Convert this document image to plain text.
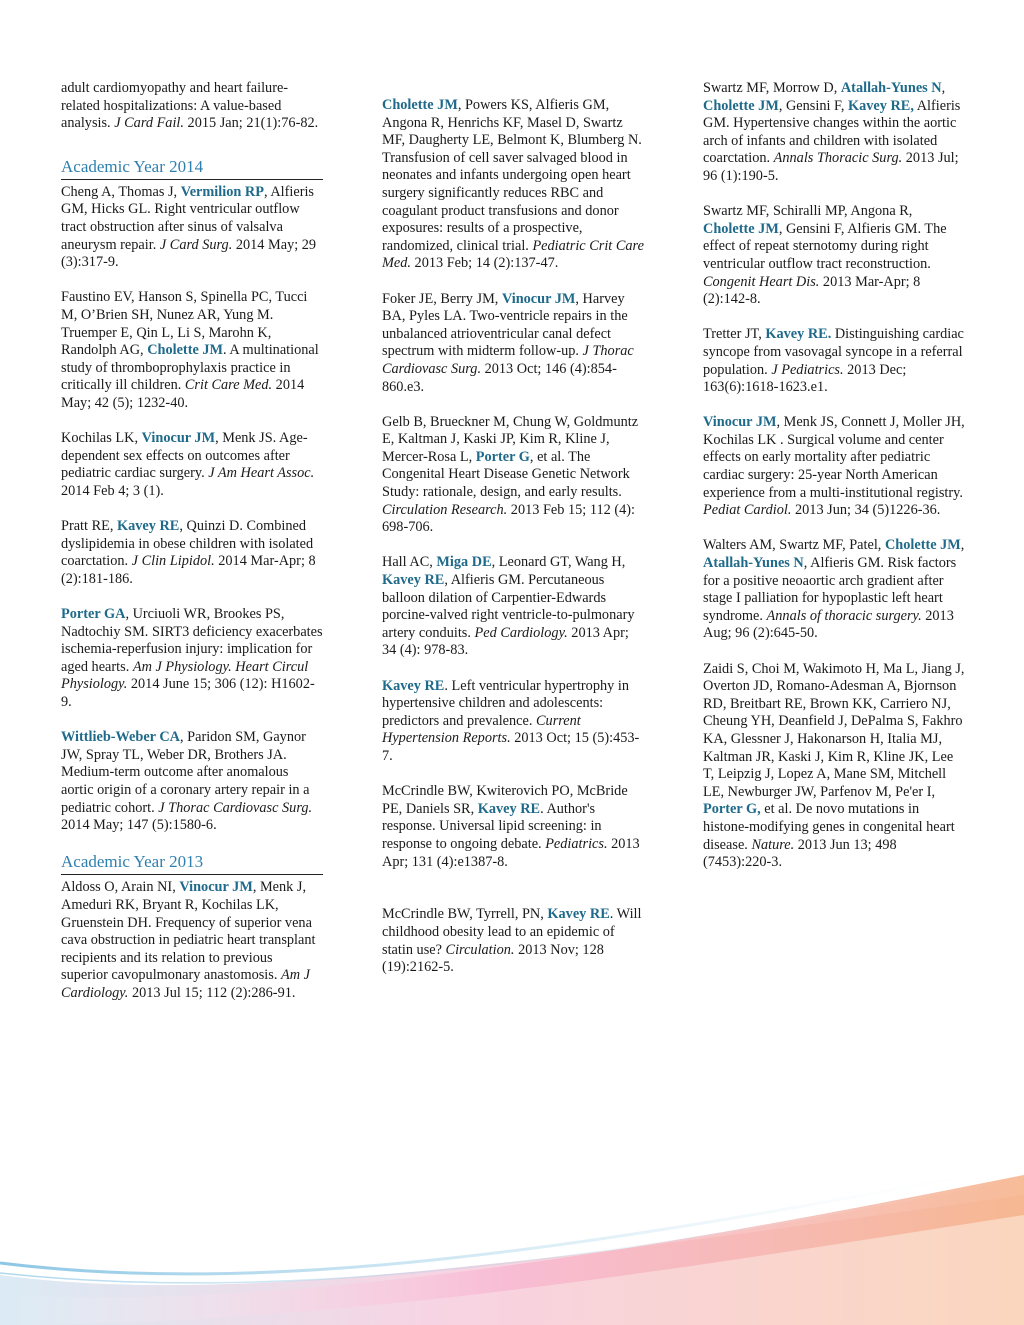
adult cardiomyopathy and heart failure-related hospitalizations: A value-based analysis. J Card Fail. 2015 Jan; 21(1):76-82.
Academic Year 2014
Cheng A, Thomas J, Vermilion RP, Alfieris GM, Hicks GL. Right ventricular outflow tract obstruction after sinus of valsalva aneurysm repair. J Card Surg. 2014 May; 29 (3):317-9.
Faustino EV, Hanson S, Spinella PC, Tucci M, O’Brien SH, Nunez AR, Yung M. Truemper E, Qin L, Li S, Marohn K, Randolph AG, Cholette JM. A multinational study of thromboprophylaxis practice in critically ill children. Crit Care Med. 2014 May; 42 (5); 1232-40.
Kochilas LK, Vinocur JM, Menk JS. Age-dependent sex effects on outcomes after pediatric cardiac surgery. J Am Heart Assoc. 2014 Feb 4; 3 (1).
Pratt RE, Kavey RE, Quinzi D. Combined dyslipidemia in obese children with isolated coarctation. J Clin Lipidol. 2014 Mar-Apr; 8 (2):181-186.
Porter GA, Urciuoli WR, Brookes PS, Nadtochiy SM. SIRT3 deficiency exacerbates ischemia-reperfusion injury: implication for aged hearts. Am J Physiology. Heart Circul Physiology. 2014 June 15; 306 (12): H1602-9.
Wittlieb-Weber CA, Paridon SM, Gaynor JW, Spray TL, Weber DR, Brothers JA. Medium-term outcome after anomalous aortic origin of a coronary artery repair in a pediatric cohort. J Thorac Cardiovasc Surg. 2014 May; 147 (5):1580-6.
Academic Year 2013
Aldoss O, Arain NI, Vinocur JM, Menk J, Ameduri RK, Bryant R, Kochilas LK, Gruenstein DH. Frequency of superior vena cava obstruction in pediatric heart transplant recipients and its relation to previous superior cavopulmonary anastomosis. Am J Cardiology. 2013 Jul 15; 112 (2):286-91.
Cholette JM, Powers KS, Alfieris GM, Angona R, Henrichs KF, Masel D, Swartz MF, Daugherty LE, Belmont K, Blumberg N. Transfusion of cell saver salvaged blood in neonates and infants undergoing open heart surgery significantly reduces RBC and coagulant product transfusions and donor exposures: results of a prospective, randomized, clinical trial. Pediatric Crit Care Med. 2013 Feb; 14 (2):137-47.
Foker JE, Berry JM, Vinocur JM, Harvey BA, Pyles LA. Two-ventricle repairs in the unbalanced atrioventricular canal defect spectrum with midterm follow-up. J Thorac Cardiovasc Surg. 2013 Oct; 146 (4):854-860.e3.
Gelb B, Brueckner M, Chung W, Goldmuntz E, Kaltman J, Kaski JP, Kim R, Kline J, Mercer-Rosa L, Porter G, et al. The Congenital Heart Disease Genetic Network Study: rationale, design, and early results. Circulation Research. 2013 Feb 15; 112 (4): 698-706.
Hall AC, Miga DE, Leonard GT, Wang H, Kavey RE, Alfieris GM. Percutaneous balloon dilation of Carpentier-Edwards porcine-valved right ventricle-to-pulmonary artery conduits. Ped Cardiology. 2013 Apr; 34 (4): 978-83.
Kavey RE. Left ventricular hypertrophy in hypertensive children and adolescents: predictors and prevalence. Current Hypertension Reports. 2013 Oct; 15 (5):453-7.
McCrindle BW, Kwiterovich PO, McBride PE, Daniels SR, Kavey RE. Author's response. Universal lipid screening: in response to ongoing debate. Pediatrics. 2013 Apr; 131 (4):e1387-8.
McCrindle BW, Tyrrell, PN, Kavey RE. Will childhood obesity lead to an epidemic of statin use? Circulation. 2013 Nov; 128 (19):2162-5.
Swartz MF, Morrow D, Atallah-Yunes N, Cholette JM, Gensini F, Kavey RE, Alfieris GM. Hypertensive changes within the aortic arch of infants and children with isolated coarctation. Annals Thoracic Surg. 2013 Jul; 96 (1):190-5.
Swartz MF, Schiralli MP, Angona R, Cholette JM, Gensini F, Alfieris GM. The effect of repeat sternotomy during right ventricular outflow tract reconstruction. Congenit Heart Dis. 2013 Mar-Apr; 8 (2):142-8.
Tretter JT, Kavey RE. Distinguishing cardiac syncope from vasovagal syncope in a referral population. J Pediatrics. 2013 Dec; 163(6):1618-1623.e1.
Vinocur JM, Menk JS, Connett J, Moller JH, Kochilas LK . Surgical volume and center effects on early mortality after pediatric cardiac surgery: 25-year North American experience from a multi-institutional registry. Pediat Cardiol. 2013 Jun; 34 (5)1226-36.
Walters AM, Swartz MF, Patel, Cholette JM, Atallah-Yunes N, Alfieris GM. Risk factors for a positive neoaortic arch gradient after stage I palliation for hypoplastic left heart syndrome. Annals of thoracic surgery. 2013 Aug; 96 (2):645-50.
Zaidi S, Choi M, Wakimoto H, Ma L, Jiang J, Overton JD, Romano-Adesman A, Bjornson RD, Breitbart RE, Brown KK, Carriero NJ, Cheung YH, Deanfield J, DePalma S, Fakhro KA, Glessner J, Hakonarson H, Italia MJ, Kaltman JR, Kaski J, Kim R, Kline JK, Lee T, Leipzig J, Lopez A, Mane SM, Mitchell LE, Newburger JW, Parfenov M, Pe'er I, Porter G, et al. De novo mutations in histone-modifying genes in congenital heart disease. Nature. 2013 Jun 13; 498 (7453):220-3.
